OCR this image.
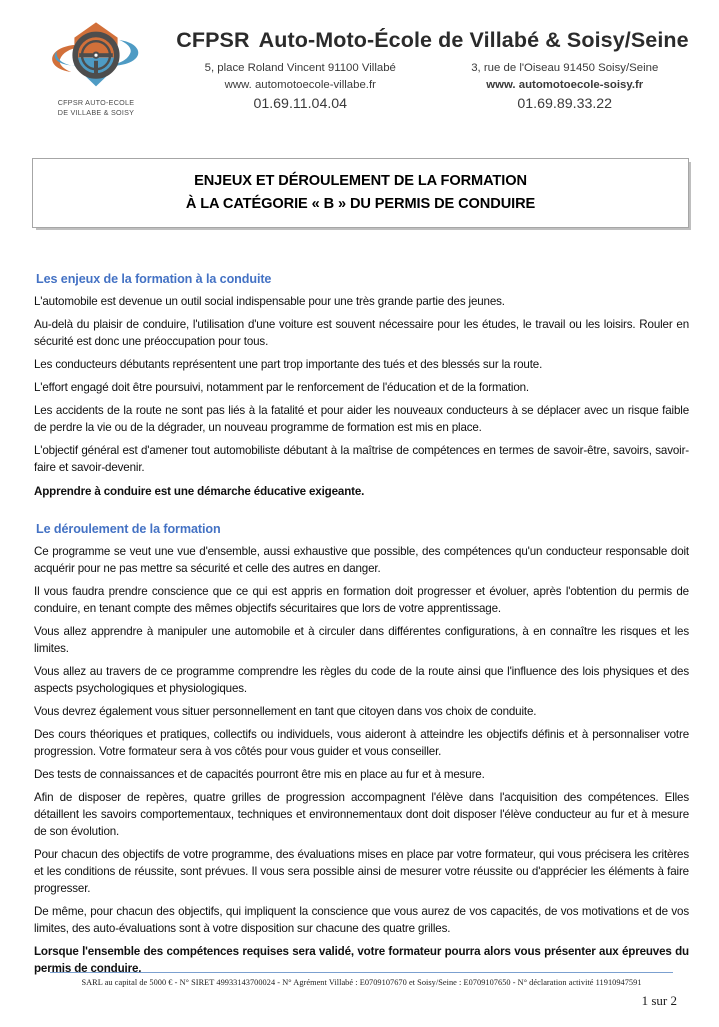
CFPSR AUTO-ECOLE
DE VILLABE & SOISY
CFPSR Auto-Moto-École de Villabé & Soisy/Seine
5, place Roland Vincent 91100 Villabé
www. automotoecole-villabe.fr
01.69.11.04.04
3, rue de l'Oiseau 91450 Soisy/Seine
www. automotoecole-soisy.fr
01.69.89.33.22
ENJEUX ET DÉROULEMENT DE LA FORMATION
À LA CATÉGORIE « B » DU PERMIS DE CONDUIRE
Les enjeux de la formation à la conduite

L'automobile est devenue un outil social indispensable pour une très grande partie des jeunes.

Au-delà du plaisir de conduire, l'utilisation d'une voiture est souvent nécessaire pour les études, le travail ou les loisirs. Rouler en sécurité est donc une préoccupation pour tous.

Les conducteurs débutants représentent une part trop importante des tués et des blessés sur la route.

L'effort engagé doit être poursuivi, notamment par le renforcement de l'éducation et de la formation.

Les accidents de la route ne sont pas liés à la fatalité et pour aider les nouveaux conducteurs à se déplacer avec un risque faible de perdre la vie ou de la dégrader, un nouveau programme de formation est mis en place.

L'objectif général est d'amener tout automobiliste débutant à la maîtrise de compétences en termes de savoir-être, savoirs, savoir-faire et savoir-devenir.

Apprendre à conduire est une démarche éducative exigeante.

Le déroulement de la formation

Ce programme se veut une vue d'ensemble, aussi exhaustive que possible, des compétences qu'un conducteur responsable doit acquérir pour ne pas mettre sa sécurité et celle des autres en danger.

Il vous faudra prendre conscience que ce qui est appris en formation doit progresser et évoluer, après l'obtention du permis de conduire, en tenant compte des mêmes objectifs sécuritaires que lors de votre apprentissage.

Vous allez apprendre à manipuler une automobile et à circuler dans différentes configurations, à en connaître les risques et les limites.

Vous allez au travers de ce programme comprendre les règles du code de la route ainsi que l'influence des lois physiques et des aspects psychologiques et physiologiques.

Vous devrez également vous situer personnellement en tant que citoyen dans vos choix de conduite.

Des cours théoriques et pratiques, collectifs ou individuels, vous aideront à atteindre les objectifs définis et à personnaliser votre progression. Votre formateur sera à vos côtés pour vous guider et vous conseiller.

Des tests de connaissances et de capacités pourront être mis en place au fur et à mesure.

Afin de disposer de repères, quatre grilles de progression accompagnent l'élève dans l'acquisition des compétences. Elles détaillent les savoirs comportementaux, techniques et environnementaux dont doit disposer l'élève conducteur au fur et à mesure de son évolution.

Pour chacun des objectifs de votre programme, des évaluations mises en place par votre formateur, qui vous précisera les critères et les conditions de réussite, sont prévues. Il vous sera possible ainsi de mesurer votre réussite ou d'apprécier les éléments à faire progresser.

De même, pour chacun des objectifs, qui impliquent la conscience que vous aurez de vos capacités, de vos motivations et de vos limites, des auto-évaluations sont à votre disposition sur chacune des quatre grilles.

Lorsque l'ensemble des compétences requises sera validé, votre formateur pourra alors vous présenter aux épreuves du permis de conduire.

SARL au capital de 5000 € - N° SIRET 49933143700024 - N° Agrément Villabé : E0709107670 et Soisy/Seine : E0709107650 - N° déclaration activité 11910947591
1 sur 2
